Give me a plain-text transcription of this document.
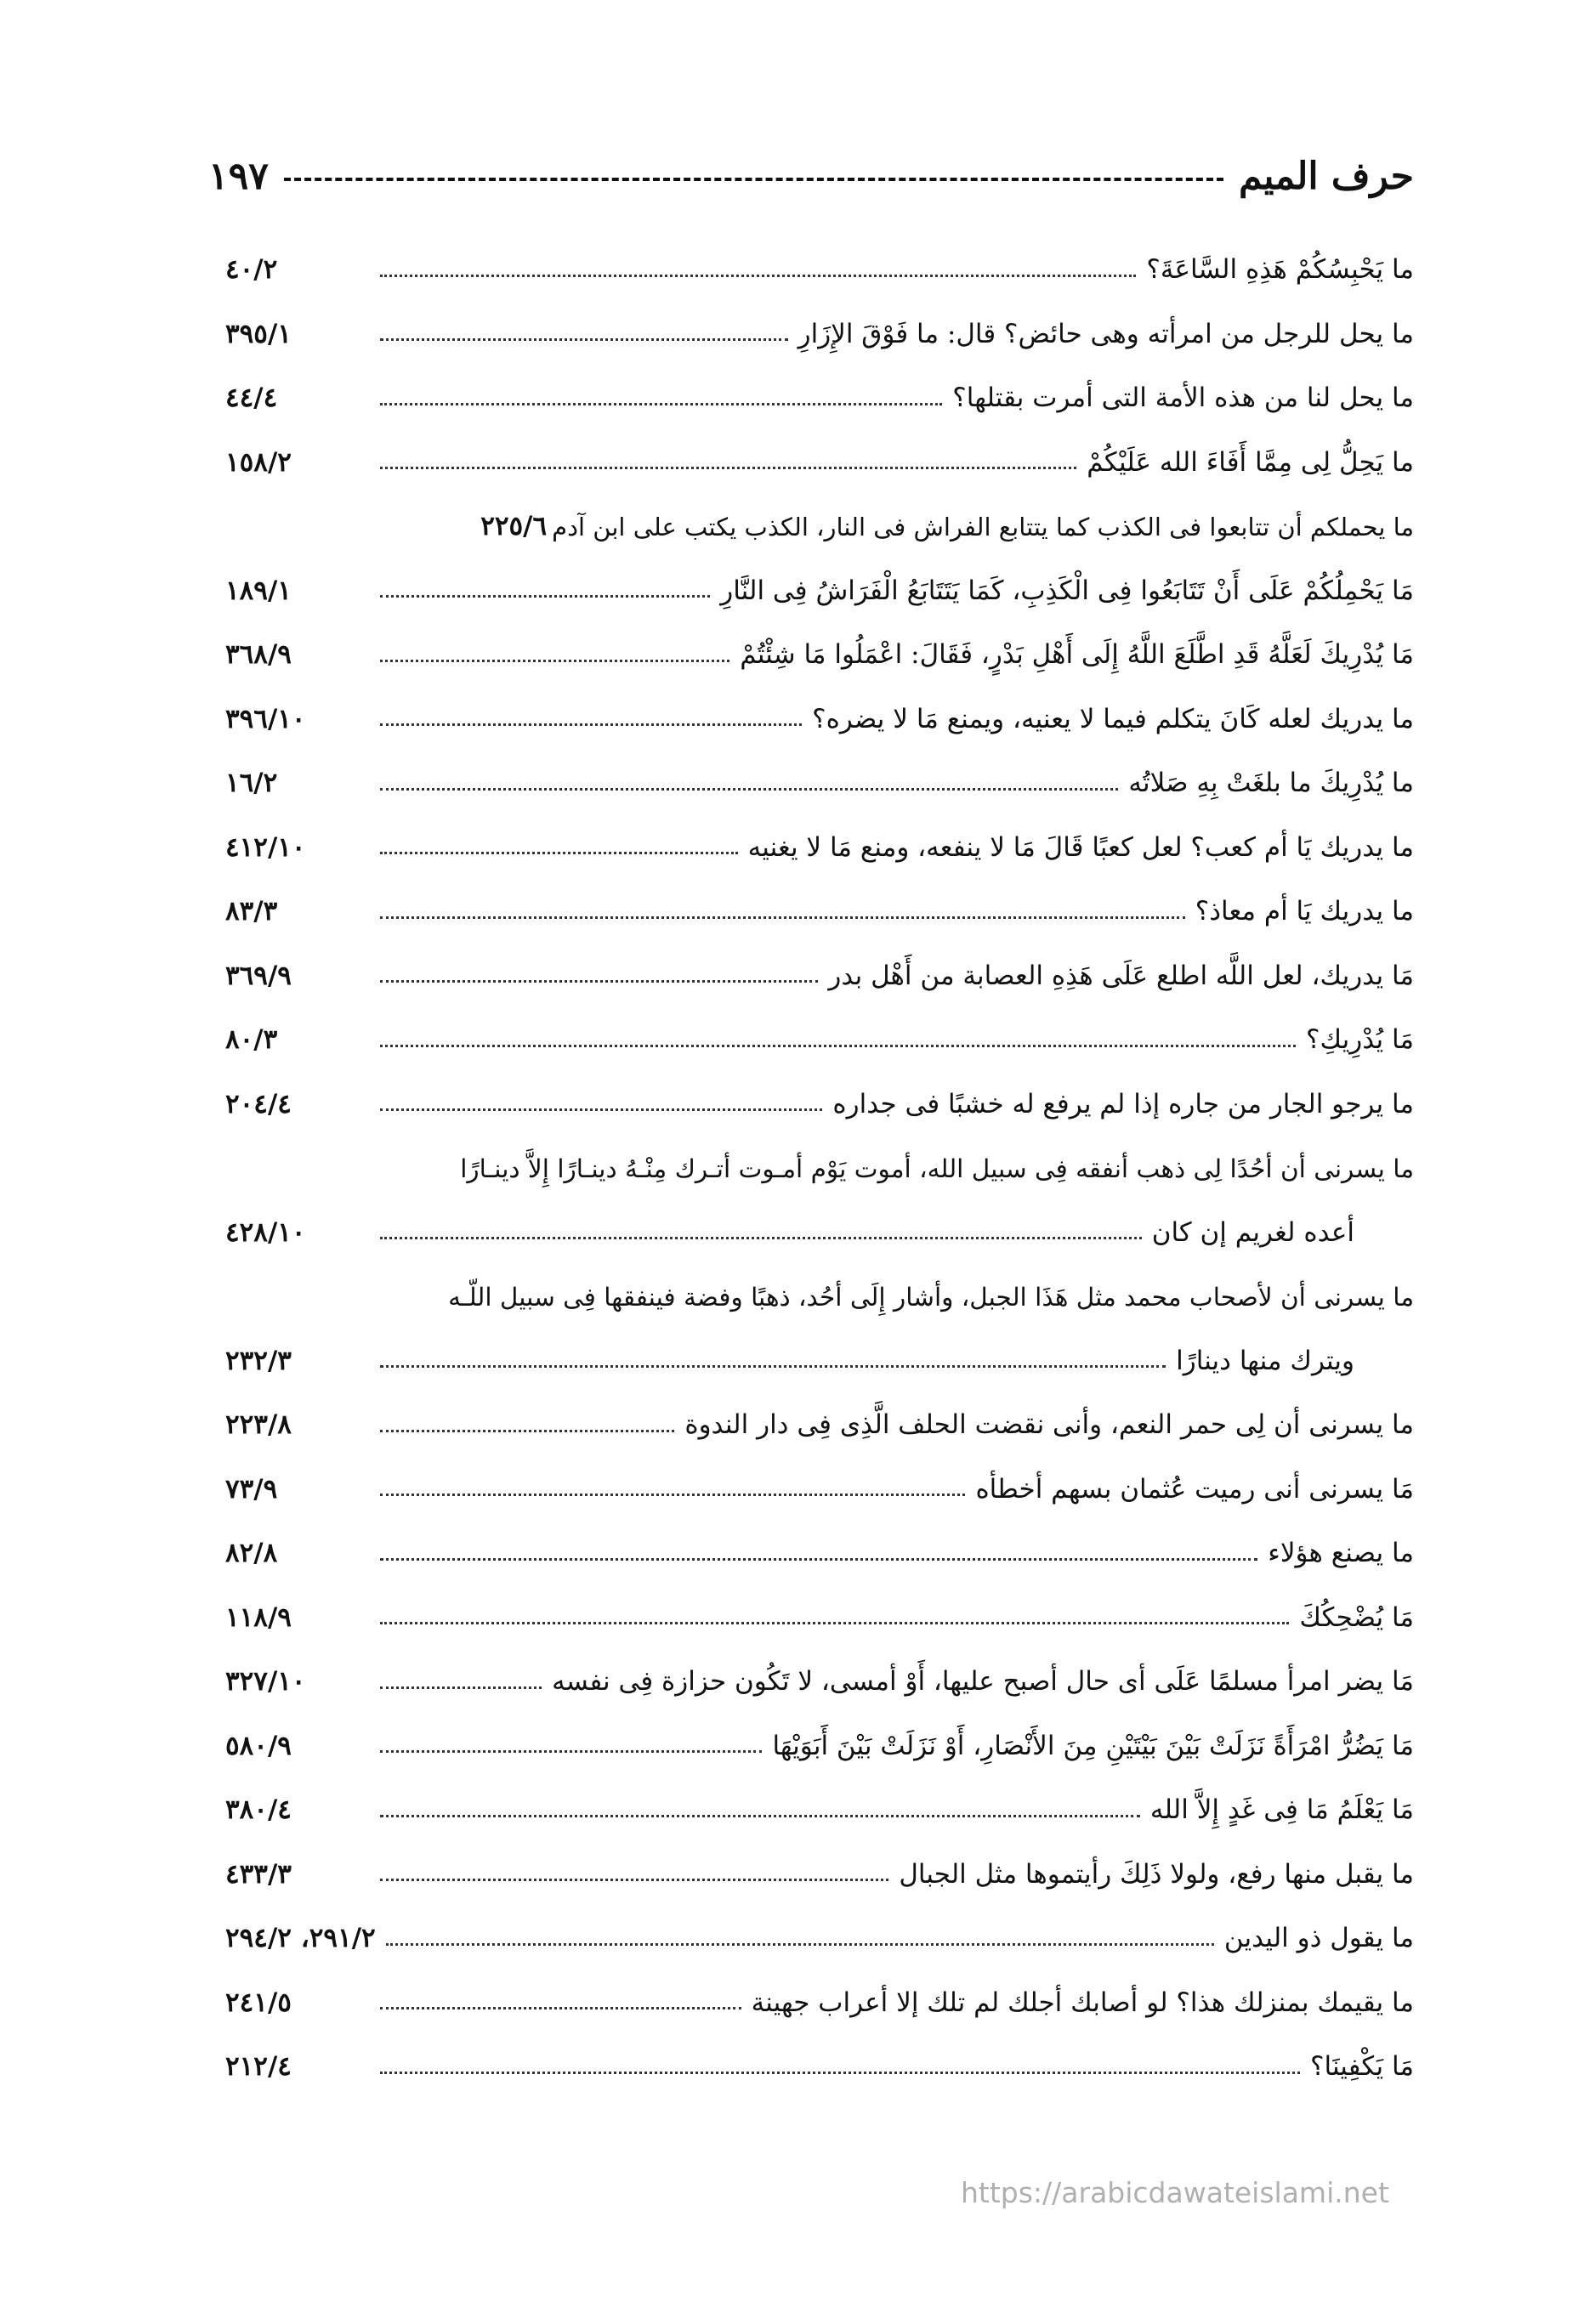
حرف الميم
١٩٧
ما يَحْبِسُكُمْ هَذِهِ السَّاعَةَ؟
٤٠/٢
ما يحل للرجل من امرأته وهى حائض؟ قال: ما فَوْقَ الإِزَارِ
٣٩٥/١
ما يحل لنا من هذه الأمة التى أمرت بقتلها؟
٤٤/٤
ما يَحِلُّ لِى مِمَّا أَفَاءَ الله عَلَيْكُمْ
١٥٨/٢
ما يحملكم أن تتابعوا فى الكذب كما يتتابع الفراش فى النار، الكذب يكتب على ابن آدم
٢٢٥/٦
مَا يَحْمِلُكُمْ عَلَى أَنْ تَتَابَعُوا فِى الْكَذِبِ، كَمَا يَتَتَابَعُ الْفَرَاشُ فِى النَّارِ
١٨٩/١
مَا يُدْرِيكَ لَعَلَّهُ قَدِ اطَّلَعَ اللَّهُ إِلَى أَهْلِ بَدْرٍ، فَقَالَ: اعْمَلُوا مَا شِئْتُمْ
٣٦٨/٩
ما يدريك لعله كَانَ يتكلم فيما لا يعنيه، ويمنع مَا لا يضره؟
٣٩٦/١٠
ما يُدْرِيكَ ما بلغَتْ بِهِ صَلاتُه
١٦/٢
ما يدريك يَا أم كعب؟ لعل كعبًا قَالَ مَا لا ينفعه، ومنع مَا لا يغنيه
٤١٢/١٠
ما يدريك يَا أم معاذ؟
٨٣/٣
مَا يدريك، لعل اللَّه اطلع عَلَى هَذِهِ العصابة من أَهْل بدر
٣٦٩/٩
مَا يُدْرِيكِ؟
٨٠/٣
ما يرجو الجار من جاره إذا لم يرفع له خشبًا فى جداره
٢٠٤/٤
ما يسرنى أن أحُدًا لِى ذهب أنفقه فِى سبيل الله، أموت يَوْم أمـوت أتـرك مِنْـهُ دينـارًا إِلاَّ دينـارًا
أعده لغريم إن كان
٤٢٨/١٠
ما يسرنى أن لأصحاب محمد مثل هَذَا الجبل، وأشار إِلَى أحُد، ذهبًا وفضة فينفقها فِى سبيل اللّـه
ويترك منها دينارًا
٢٣٢/٣
ما يسرنى أن لِى حمر النعم، وأنى نقضت الحلف الَّذِى فِى دار الندوة
٢٢٣/٨
مَا يسرنى أنى رميت عُثمان بسهم أخطأه
٧٣/٩
ما يصنع هؤلاء
٨٢/٨
مَا يُضْحِكُكَ
١١٨/٩
مَا يضر امرأ مسلمًا عَلَى أى حال أصبح عليها، أَوْ أمسى، لا تَكُون حزازة فِى نفسه
٣٢٧/١٠
مَا يَضُرُّ امْرَأَةً نَزَلَتْ بَيْنَ بَيْتَيْنِ مِنَ الأَنْصَارِ، أَوْ نَزَلَتْ بَيْنَ أَبَوَيْهَا
٥٨٠/٩
مَا يَعْلَمُ مَا فِى غَدٍ إِلاَّ الله
٣٨٠/٤
ما يقبل منها رفع، ولولا ذَلِكَ رأيتموها مثل الجبال
٤٣٣/٣
ما يقول ذو اليدين
٢٩١/٢، ٢٩٤/٢
ما يقيمك بمنزلك هذا؟ لو أصابك أجلك لم تلك إلا أعراب جهينة
٢٤١/٥
مَا يَكْفِينَا؟
٢١٢/٤
https://arabicdawateislami.net
